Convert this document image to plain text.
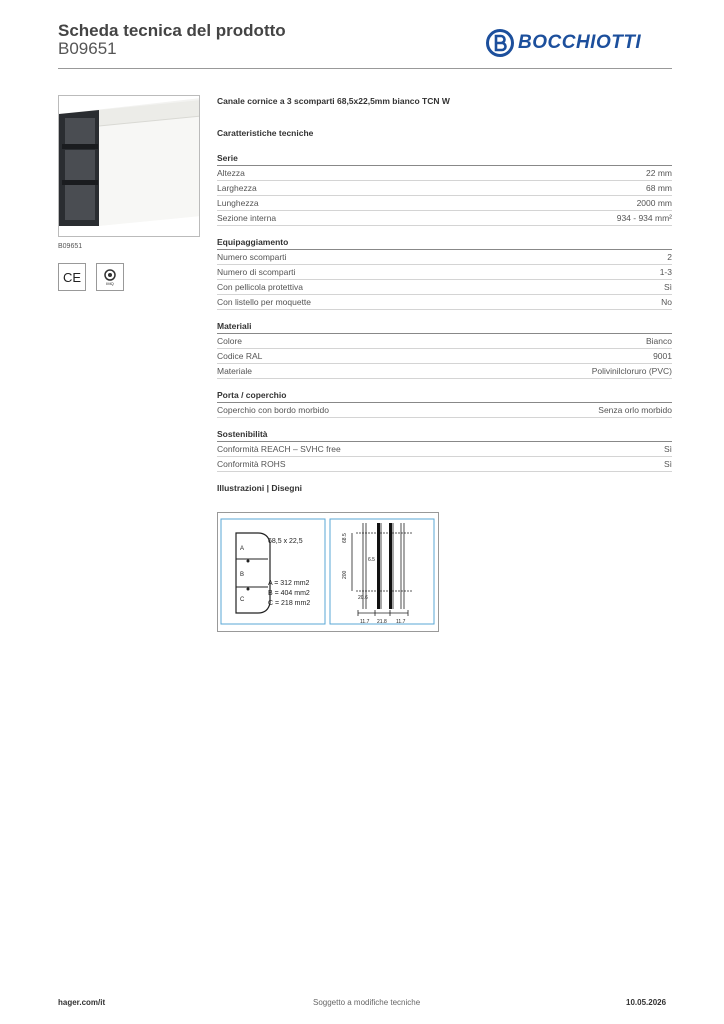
Scheda tecnica del prodotto
B09651	BOCCHIOTTI
B09651
CE	IMQ
Canale cornice a 3 scomparti 68,5x22,5mm bianco TCN W
Caratteristiche tecniche
Serie
Altezza	22 mm
Larghezza	68 mm
Lunghezza	2000 mm
Sezione interna	934 - 934 mm²
Equipaggiamento
Numero scomparti	2
Numero di scomparti	1-3
Con pellicola protettiva	Sì
Con listello per moquette	No
Materiali
Colore	Bianco
Codice RAL	9001
Materiale	Polivinilcloruro (PVC)
Porta / coperchio
Coperchio con bordo morbido	Senza orlo morbido
Sostenibilità
Conformità REACH – SVHC free	Sì
Conformità ROHS	Sì
Illustrazioni | Disegni
A
B
C
68,5 x 22,5
A = 312 mm2
B = 404 mm2
C = 218 mm2
68.5
200
6.5
20.6
11.7 21.8 11.7
hager.com/it	Soggetto a modifiche tecniche	10.05.2026
